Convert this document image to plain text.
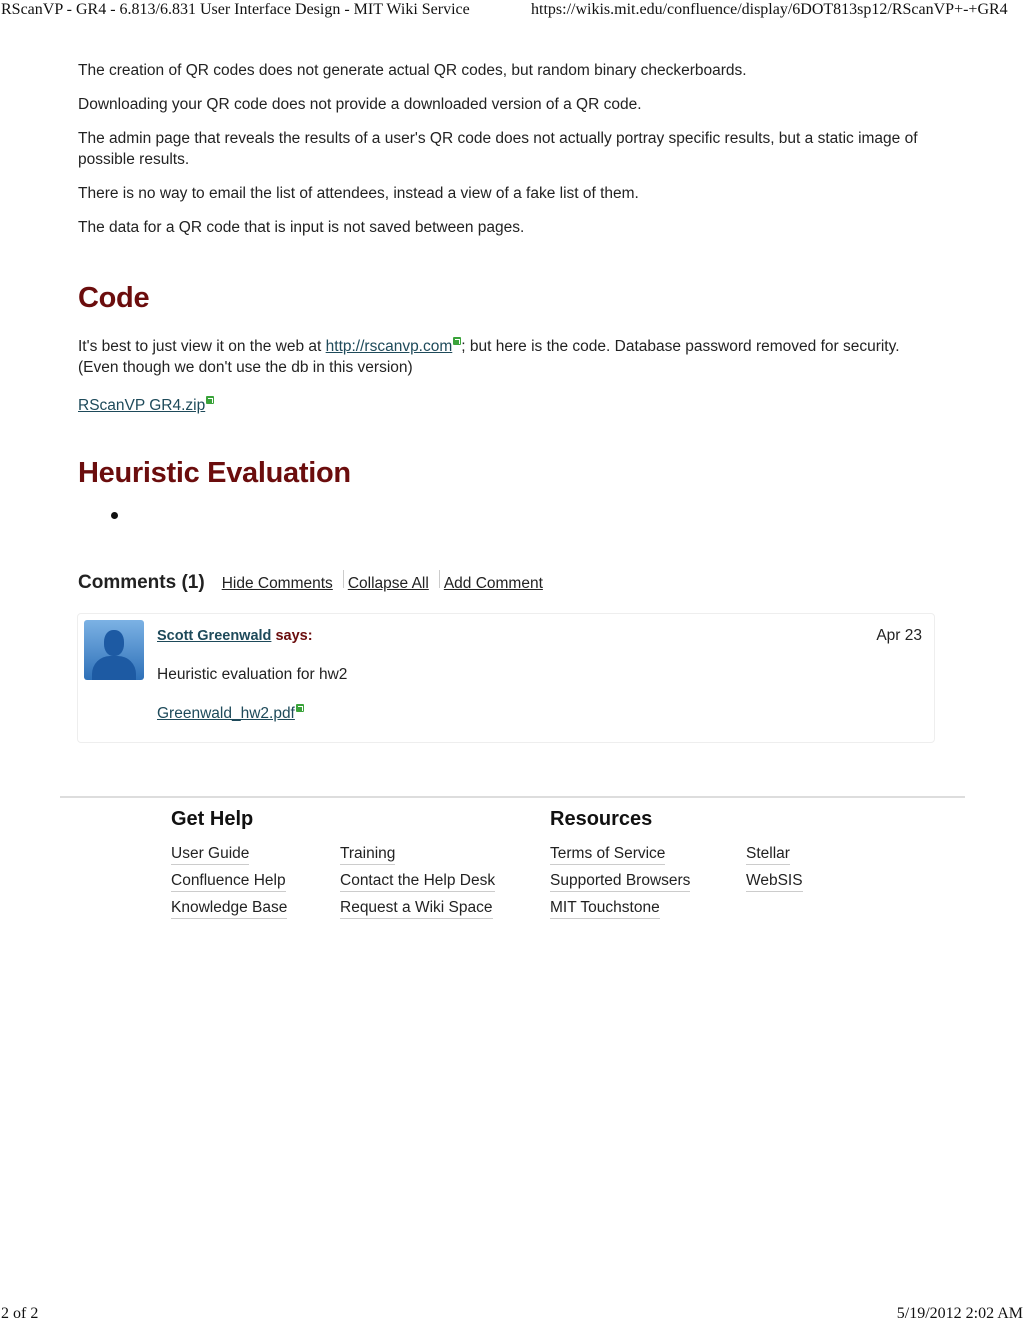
RScanVP - GR4 - 6.813/6.831 User Interface Design - MIT Wiki Service	https://wikis.mit.edu/confluence/display/6DOT813sp12/RScanVP+-+GR4

The creation of QR codes does not generate actual QR codes, but random binary checkerboards.

Downloading your QR code does not provide a downloaded version of a QR code.

The admin page that reveals the results of a user's QR code does not actually portray specific results, but a static image of possible results.

There is no way to email the list of attendees, instead a view of a fake list of them.

The data for a QR code that is input is not saved between pages.

Code
It's best to just view it on the web at http://rscanvp.com ; but here is the code. Database password removed for security. (Even though we don't use the db in this version)
RScanVP GR4.zip
Heuristic Evaluation
Comments (1) Hide Comments Collapse All Add Comment
Scott Greenwald says:	Apr 23
Heuristic evaluation for hw2
Greenwald_hw2.pdf
Get Help
User Guide
Confluence Help
Knowledge Base
Training
Contact the Help Desk
Request a Wiki Space
Resources
Terms of Service
Supported Browsers
MIT Touchstone
Stellar
WebSIS
2 of 2	5/19/2012 2:02 AM
